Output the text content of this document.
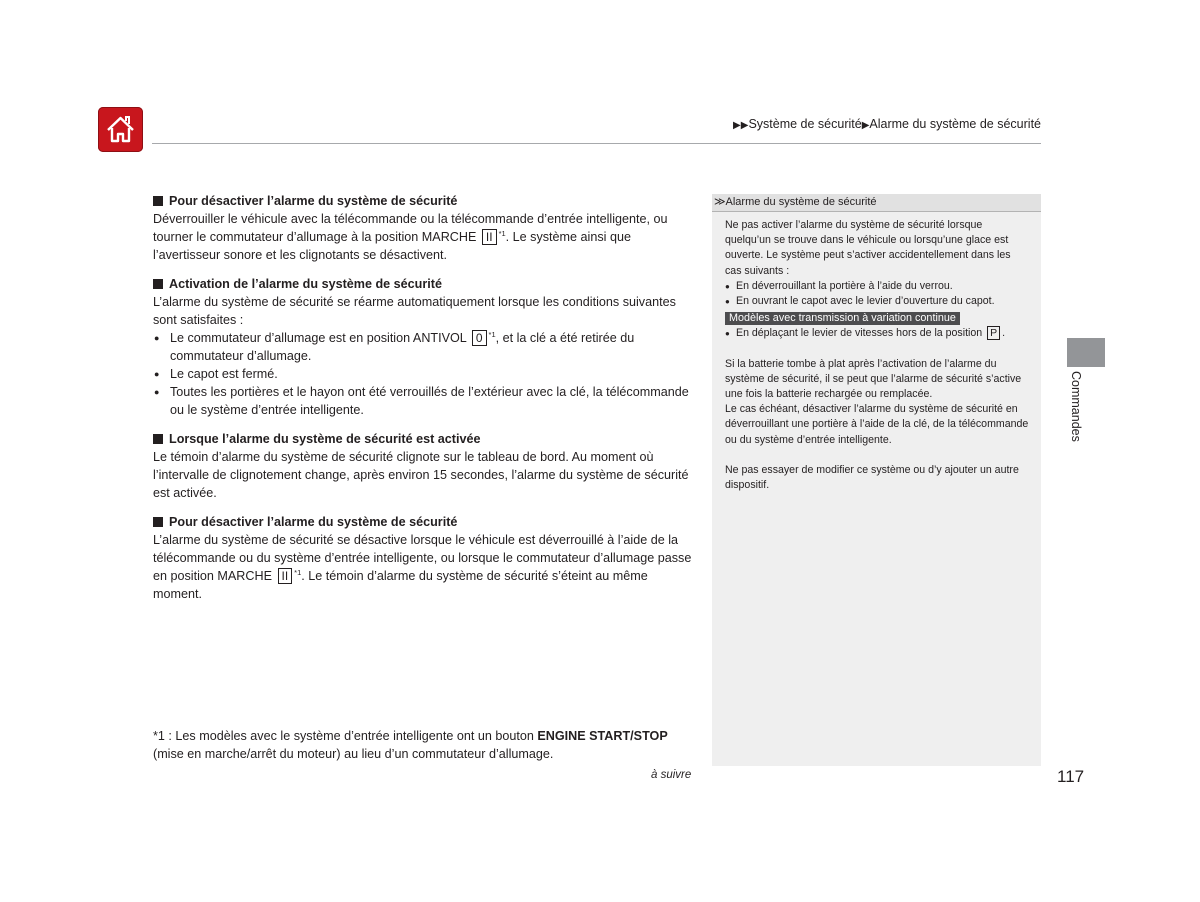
▶▶Système de sécurité▶Alarme du système de sécurité

Pour désactiver l’alarme du système de sécurité

Déverrouiller le véhicule avec la télécommande ou la télécommande d’entrée intelligente, ou tourner le commutateur d’allumage à la position MARCHE II $^{*1}$. Le système ainsi que l’avertisseur sonore et les clignotants se désactivent.

Activation de l’alarme du système de sécurité

L’alarme du système de sécurité se réarme automatiquement lorsque les conditions suivantes sont satisfaites :

● Le commutateur d’allumage est en position ANTIVOL 0 $^{*1}$, et la clé a été retirée du commutateur d’allumage.
● Le capot est fermé.
● Toutes les portières et le hayon ont été verrouillés de l’extérieur avec la clé, la télécommande ou le système d’entrée intelligente.

Lorsque l’alarme du système de sécurité est activée

Le témoin d’alarme du système de sécurité clignote sur le tableau de bord. Au moment où l’intervalle de clignotement change, après environ 15 secondes, l’alarme du système de sécurité est activée.

Pour désactiver l’alarme du système de sécurité

L’alarme du système de sécurité se désactive lorsque le véhicule est déverrouillé à l’aide de la télécommande ou du système d’entrée intelligente, ou lorsque le commutateur d’allumage passe en position MARCHE II $^{*1}$. Le témoin d’alarme du système de sécurité s’éteint au même moment.

*1 : Les modèles avec le système d’entrée intelligente ont un bouton ENGINE START/STOP
(mise en marche/arrêt du moteur) au lieu d’un commutateur d’allumage.
à suivre
≫Alarme du système de sécurité

Ne pas activer l’alarme du système de sécurité lorsque quelqu’un se trouve dans le véhicule ou lorsqu’une glace est ouverte. Le système peut s’activer accidentellement dans les cas suivants :

● En déverrouillant la portière à l’aide du verrou.
● En ouvrant le capot avec le levier d’ouverture du capot.
Modèles avec transmission à variation continue
● En déplaçant le levier de vitesses hors de la position P .

Si la batterie tombe à plat après l’activation de l’alarme du système de sécurité, il se peut que l’alarme de sécurité s’active une fois la batterie rechargée ou remplacée.

Le cas échéant, désactiver l’alarme du système de sécurité en déverrouillant une portière à l’aide de la clé, de la télécommande ou du système d’entrée intelligente.

Ne pas essayer de modifier ce système ou d’y ajouter un autre dispositif.

Commandes
117
